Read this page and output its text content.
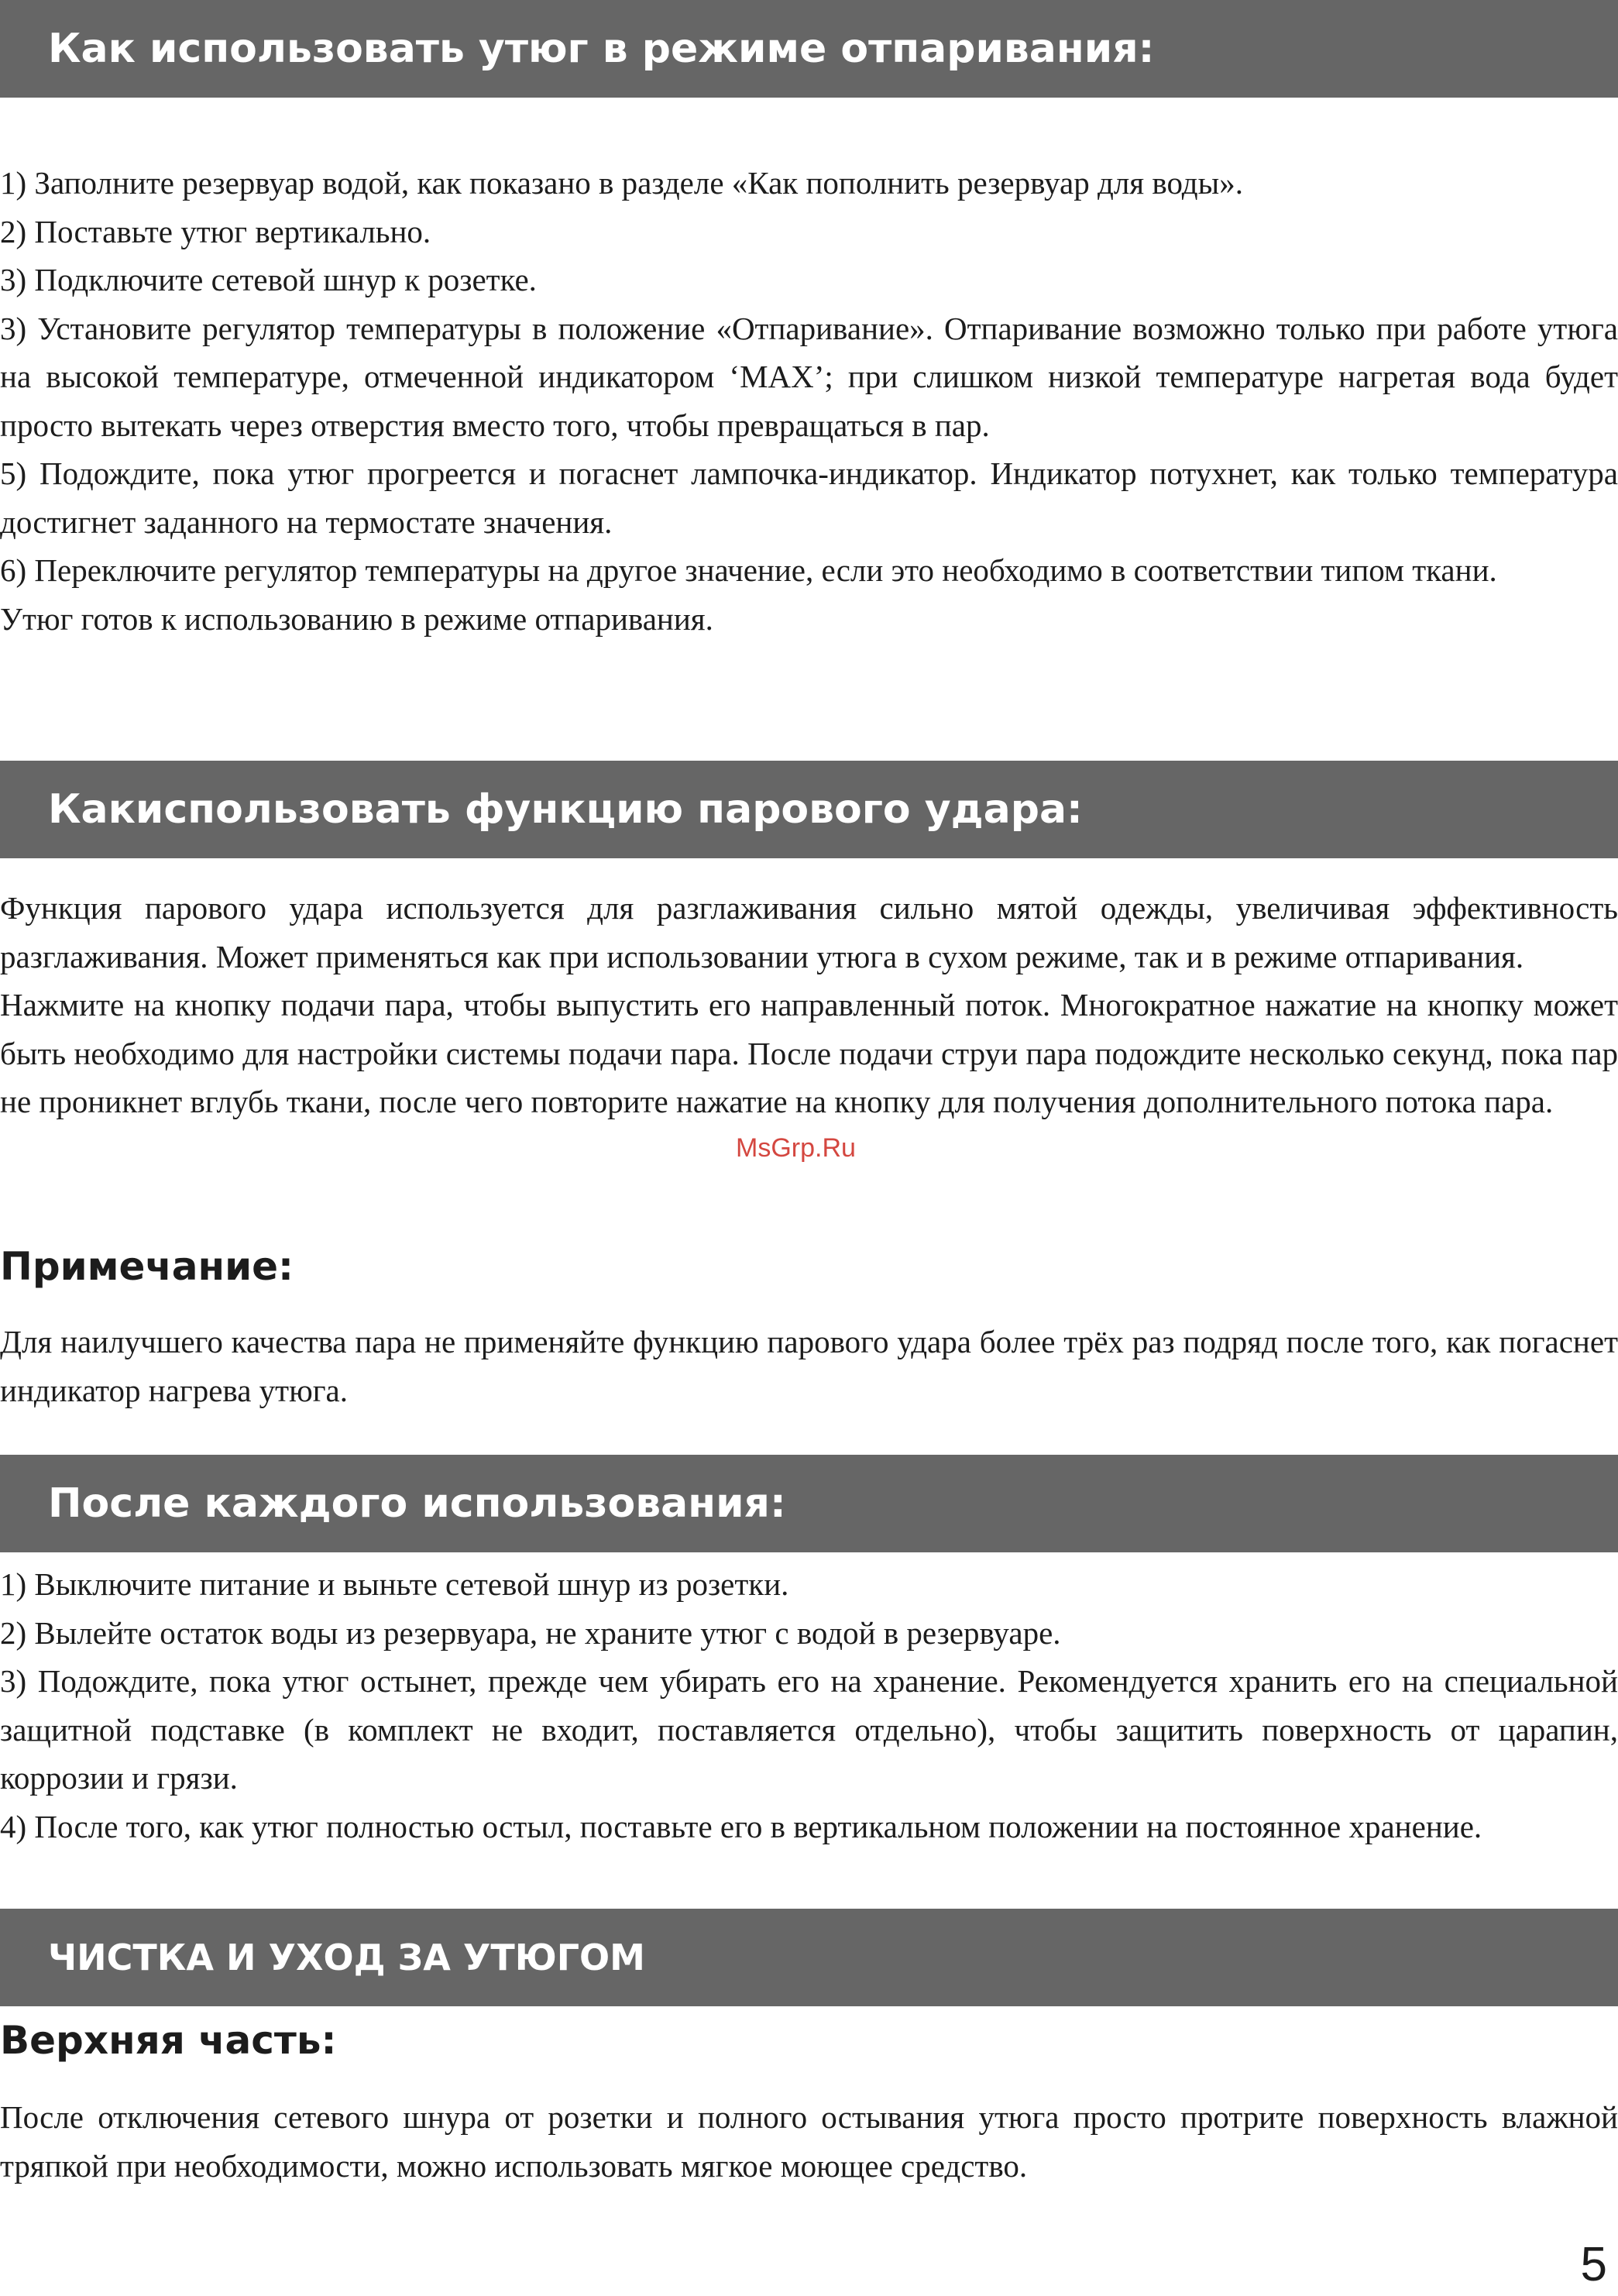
Как использовать утюг в режиме отпаривания:

1) Заполните резервуар водой, как показано в разделе «Как пополнить резервуар для воды».

2) Поставьте утюг вертикально.

3) Подключите сетевой шнур к розетке.

3) Установите регулятор температуры в положение «Отпаривание». Отпаривание возможно только при работе утюга на высокой температуре, отмеченной индикатором ‘MAX’; при слишком низкой температуре нагретая вода будет просто вытекать через отверстия вместо того, чтобы превращаться в пар.

5) Подождите, пока утюг прогреется и погаснет лампочка-индикатор. Индикатор потухнет, как только температура достигнет заданного на термостате значения.

6) Переключите регулятор температуры на другое значение, если это необходимо в соответствии типом ткани.

Утюг готов к использованию в режиме отпаривания.

Какиспользовать функцию парового удара:

Функция парового удара используется для разглаживания сильно мятой одежды, увеличивая эффективность разглаживания. Может применяться как при использовании утюга в сухом режиме, так и в режиме отпаривания.

Нажмите на кнопку подачи пара, чтобы выпустить его направленный поток. Многократное нажатие на кнопку может быть необходимо для настройки системы подачи пара. После подачи струи пара подождите несколько секунд, пока пар не проникнет вглубь ткани, после чего повторите нажатие на кнопку для получения дополнительного потока пара.

Примечание:

Для наилучшего качества пара не применяйте функцию парового удара более трёх раз подряд после того, как погаснет индикатор нагрева утюга.

После каждого использования:

1) Выключите питание и выньте сетевой шнур из розетки.

2) Вылейте остаток воды из резервуара, не храните утюг с водой в резервуаре.

3) Подождите, пока утюг остынет, прежде чем убирать его на хранение. Рекомендуется хранить его на специальной защитной подставке (в комплект не входит, поставляется отдельно), чтобы защитить поверхность от царапин, коррозии и грязи.

4) После того, как утюг полностью остыл, поставьте его в вертикальном положении на постоянное хранение.

ЧИСТКА И УХОД ЗА УТЮГОМ
Верхняя часть:

После отключения сетевого шнура от розетки и полного остывания утюга просто протрите поверхность влажной тряпкой при необходимости, можно использовать мягкое моющее средство.

MsGrp.Ru
5
